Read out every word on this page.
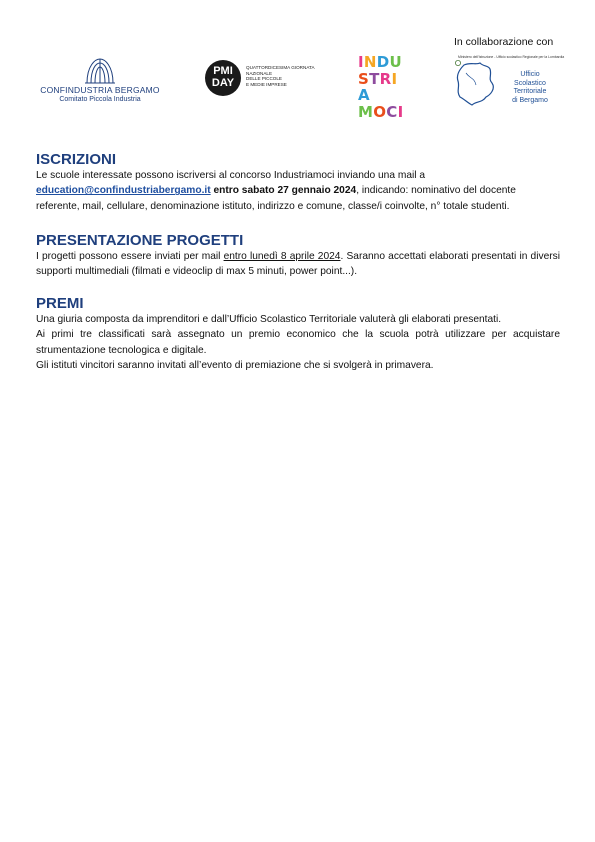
In collaborazione con
CONFINDUSTRIA BERGAMO
Comitato Piccola Industria
PMI
DAY
QUATTORDICESIMA GIORNATA
NAZIONALE
DELLE PICCOLE
E MEDIE IMPRESE
INDU
STRIA
MOCI
Ministero dell'Istruzione - Ufficio scolastico Regionale per la Lombardia
Ufficio
Scolastico
Territoriale
di Bergamo
ISCRIZIONI

Le scuole interessate possono iscriversi al concorso Industriamoci inviando una mail a
education@confindustriabergamo.it entro sabato 27 gennaio 2024, indicando: nominativo del docente referente, mail, cellulare, denominazione istituto, indirizzo e comune, classe/i coinvolte, n° totale studenti.

PRESENTAZIONE PROGETTI

I progetti possono essere inviati per mail entro lunedì 8 aprile 2024. Saranno accettati elaborati presentati in diversi supporti multimediali (filmati e videoclip di max 5 minuti, power point...).

PREMI

Una giuria composta da imprenditori e dall’Ufficio Scolastico Territoriale valuterà gli elaborati presentati.

Ai primi tre classificati sarà assegnato un premio economico che la scuola potrà utilizzare per acquistare strumentazione tecnologica e digitale.

Gli istituti vincitori saranno invitati all’evento di premiazione che si svolgerà in primavera.
